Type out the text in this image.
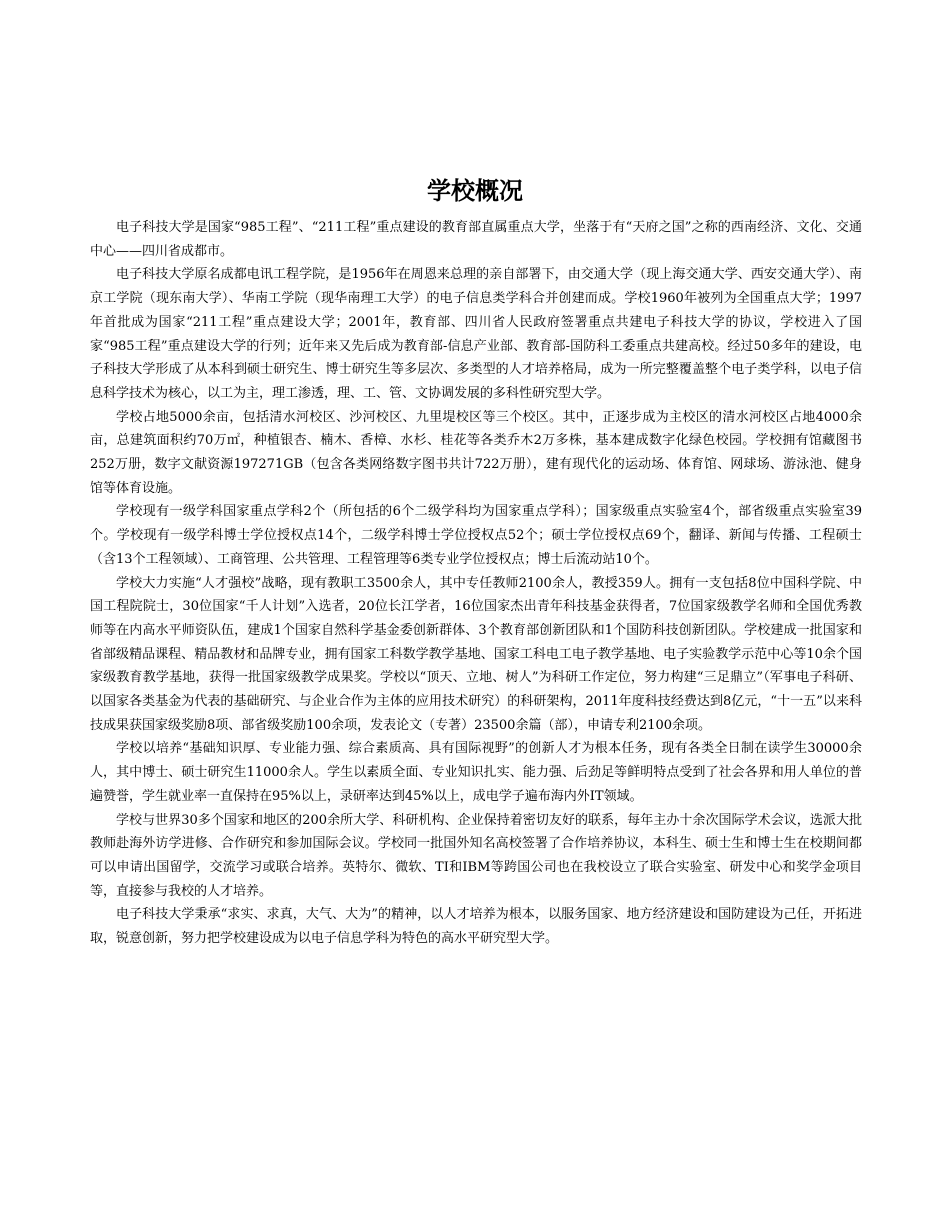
学校概况

电子科技大学是国家“985工程”、“211工程”重点建设的教育部直属重点大学，坐落于有“天府之国”之称的西南经济、文化、交通中心——四川省成都市。

电子科技大学原名成都电讯工程学院，是1956年在周恩来总理的亲自部署下，由交通大学（现上海交通大学、西安交通大学）、南京工学院（现东南大学）、华南工学院（现华南理工大学）的电子信息类学科合并创建而成。学校1960年被列为全国重点大学；1997年首批成为国家“211工程”重点建设大学；2001年，教育部、四川省人民政府签署重点共建电子科技大学的协议，学校进入了国家“985工程”重点建设大学的行列；近年来又先后成为教育部-信息产业部、教育部-国防科工委重点共建高校。经过50多年的建设，电子科技大学形成了从本科到硕士研究生、博士研究生等多层次、多类型的人才培养格局，成为一所完整覆盖整个电子类学科，以电子信息科学技术为核心，以工为主，理工渗透，理、工、管、文协调发展的多科性研究型大学。

学校占地5000余亩，包括清水河校区、沙河校区、九里堤校区等三个校区。其中，正逐步成为主校区的清水河校区占地4000余亩，总建筑面积约70万㎡，种植银杏、楠木、香樟、水杉、桂花等各类乔木2万多株，基本建成数字化绿色校园。学校拥有馆藏图书252万册，数字文献资源197271GB（包含各类网络数字图书共计722万册），建有现代化的运动场、体育馆、网球场、游泳池、健身馆等体育设施。

学校现有一级学科国家重点学科2个（所包括的6个二级学科均为国家重点学科）；国家级重点实验室4个，部省级重点实验室39个。学校现有一级学科博士学位授权点14个，二级学科博士学位授权点52个；硕士学位授权点69个，翻译、新闻与传播、工程硕士（含13个工程领域）、工商管理、公共管理、工程管理等6类专业学位授权点；博士后流动站10个。

学校大力实施“人才强校”战略，现有教职工3500余人，其中专任教师2100余人，教授359人。拥有一支包括8位中国科学院、中国工程院院士，30位国家“千人计划”入选者，20位长江学者，16位国家杰出青年科技基金获得者，7位国家级教学名师和全国优秀教师等在内高水平师资队伍，建成1个国家自然科学基金委创新群体、3个教育部创新团队和1个国防科技创新团队。学校建成一批国家和省部级精品课程、精品教材和品牌专业，拥有国家工科数学教学基地、国家工科电工电子教学基地、电子实验教学示范中心等10余个国家级教育教学基地，获得一批国家级教学成果奖。学校以“顶天、立地、树人”为科研工作定位，努力构建“三足鼎立”（军事电子科研、以国家各类基金为代表的基础研究、与企业合作为主体的应用技术研究）的科研架构，2011年度科技经费达到8亿元，“十一五”以来科技成果获国家级奖励8项、部省级奖励100余项，发表论文（专著）23500余篇（部），申请专利2100余项。

学校以培养“基础知识厚、专业能力强、综合素质高、具有国际视野”的创新人才为根本任务，现有各类全日制在读学生30000余人，其中博士、硕士研究生11000余人。学生以素质全面、专业知识扎实、能力强、后劲足等鲜明特点受到了社会各界和用人单位的普遍赞誉，学生就业率一直保持在95%以上，录研率达到45%以上，成电学子遍布海内外IT领域。

学校与世界30多个国家和地区的200余所大学、科研机构、企业保持着密切友好的联系，每年主办十余次国际学术会议，选派大批教师赴海外访学进修、合作研究和参加国际会议。学校同一批国外知名高校签署了合作培养协议，本科生、硕士生和博士生在校期间都可以申请出国留学，交流学习或联合培养。英特尔、微软、TI和IBM等跨国公司也在我校设立了联合实验室、研发中心和奖学金项目等，直接参与我校的人才培养。

电子科技大学秉承“求实、求真，大气、大为”的精神，以人才培养为根本，以服务国家、地方经济建设和国防建设为己任，开拓进取，锐意创新，努力把学校建设成为以电子信息学科为特色的高水平研究型大学。
